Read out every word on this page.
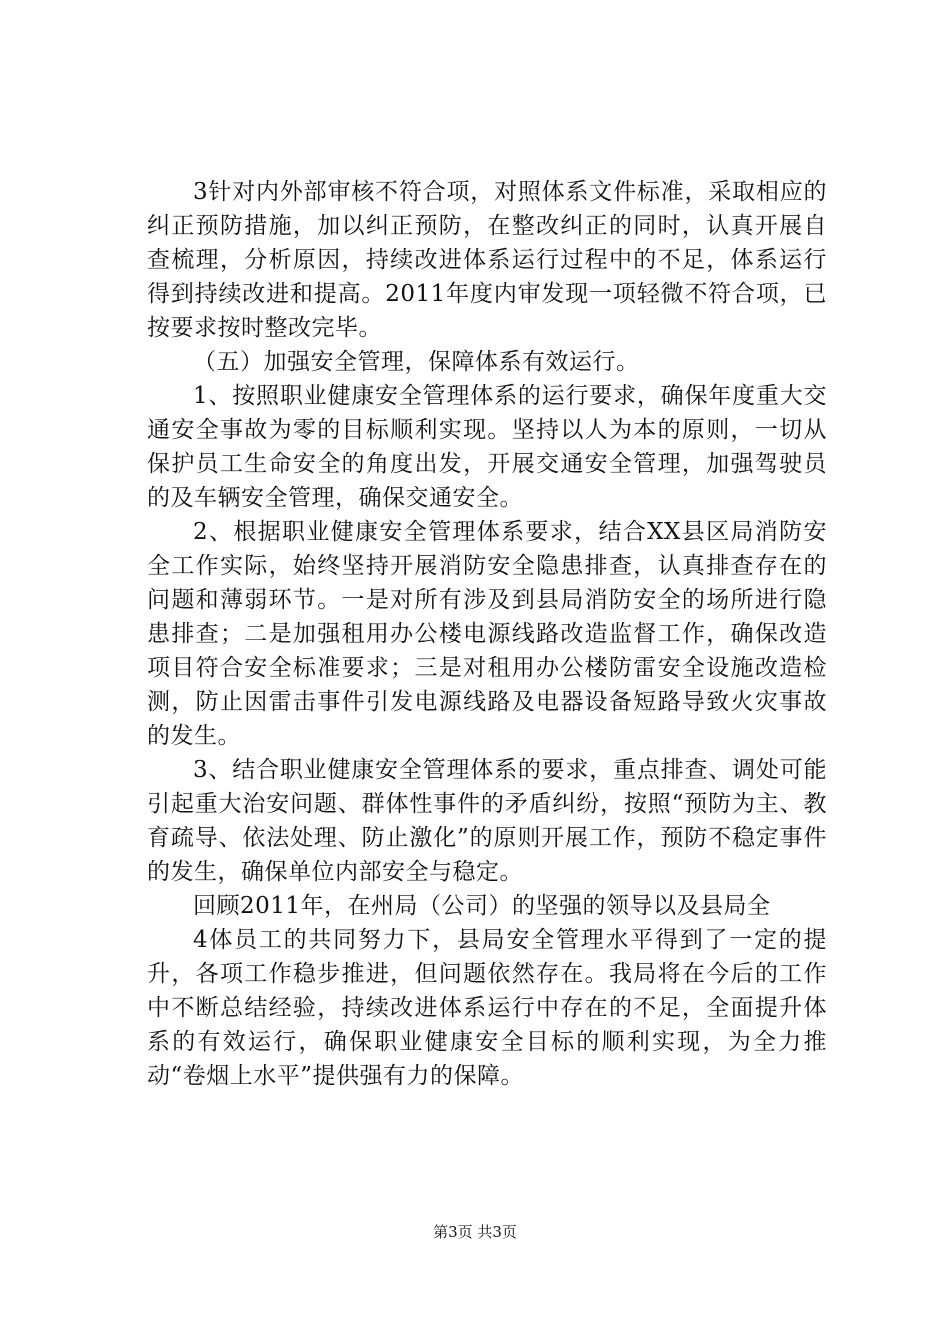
3针对内外部审核不符合项，对照体系文件标准，采取相应的纠正预防措施，加以纠正预防，在整改纠正的同时，认真开展自查梳理，分析原因，持续改进体系运行过程中的不足，体系运行得到持续改进和提高。2011年度内审发现一项轻微不符合项，已按要求按时整改完毕。

（五）加强安全管理，保障体系有效运行。

1、按照职业健康安全管理体系的运行要求，确保年度重大交通安全事故为零的目标顺利实现。坚持以人为本的原则，一切从保护员工生命安全的角度出发，开展交通安全管理，加强驾驶员的及车辆安全管理，确保交通安全。

2、根据职业健康安全管理体系要求，结合XX县区局消防安全工作实际，始终坚持开展消防安全隐患排查，认真排查存在的问题和薄弱环节。一是对所有涉及到县局消防安全的场所进行隐患排查；二是加强租用办公楼电源线路改造监督工作，确保改造项目符合安全标准要求；三是对租用办公楼防雷安全设施改造检测，防止因雷击事件引发电源线路及电器设备短路导致火灾事故的发生。

3、结合职业健康安全管理体系的要求，重点排查、调处可能引起重大治安问题、群体性事件的矛盾纠纷，按照“预防为主、教育疏导、依法处理、防止激化”的原则开展工作，预防不稳定事件的发生，确保单位内部安全与稳定。

回顾2011年，在州局（公司）的坚强的领导以及县局全

4体员工的共同努力下，县局安全管理水平得到了一定的提升，各项工作稳步推进，但问题依然存在。我局将在今后的工作中不断总结经验，持续改进体系运行中存在的不足，全面提升体系的有效运行，确保职业健康安全目标的顺利实现，为全力推动“卷烟上水平”提供强有力的保障。

第3页 共3页
